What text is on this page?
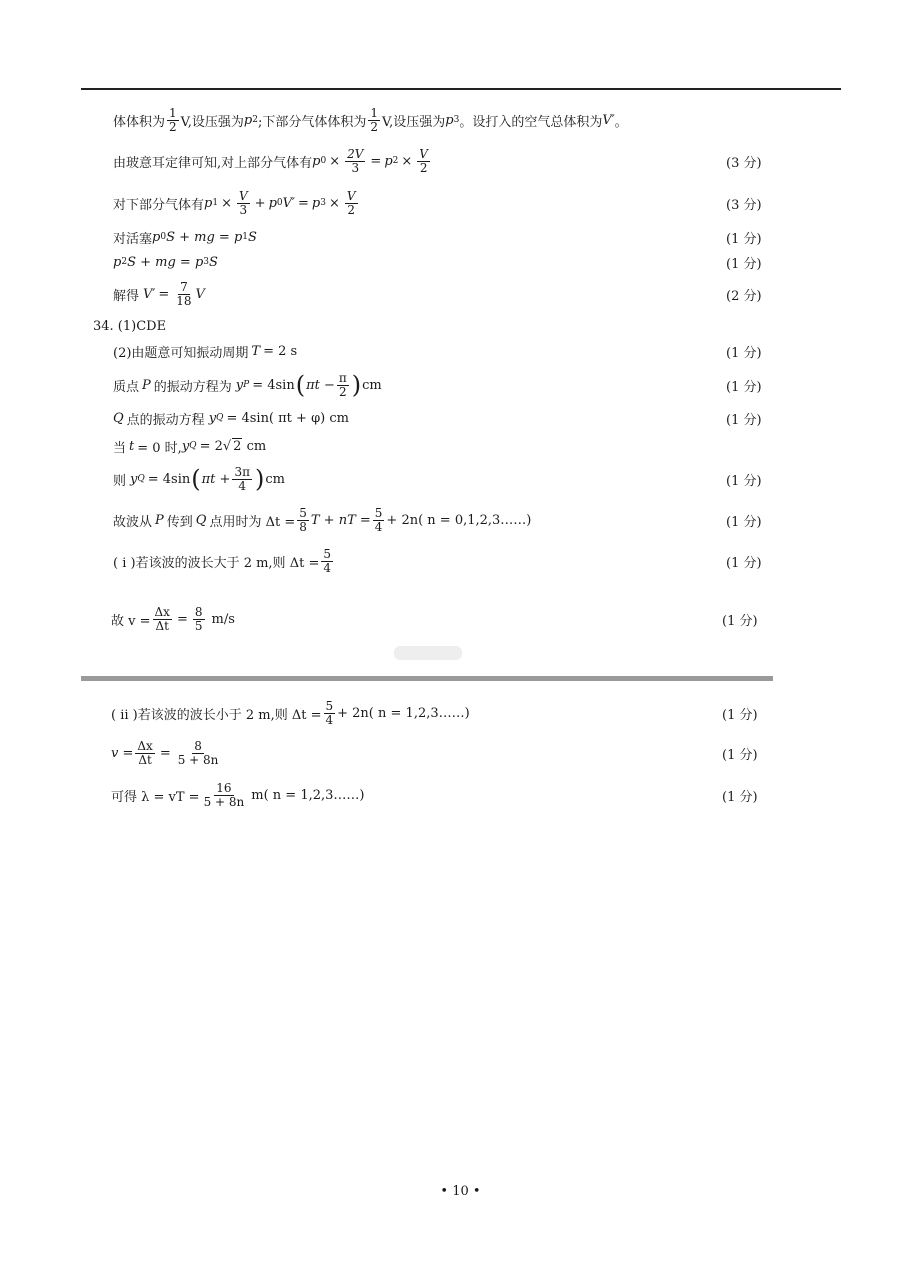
体体积为 $\frac{1}{2} V$,设压强为 p 2 ;下部分气体体积为 $\frac{1}{2} V$,设压强为 p 3 。设打入的空气总体积为 V′ 。
由玻意耳定律可知,对上部分气体有 p $0 \times \frac{2V}{3} = p$ $2 \times \frac{V}{2}$	(3 分)
对下部分气体有 p $1 \times \frac{V}{3} + p$ 0 V′ = p $3 \times \frac{V}{2}$	(3 分)
对活塞 p 0 S + mg = p 1 S	(1 分)
p 2 S + mg = p 3 S	(1 分)
解得 $V' = \frac{7}{18}$ V	(2 分)
34. (1)CDE
(2)由题意可知振动周期 T = 2 s	(1 分)
质点 P 的振动方程为 y P = 4sin ( $\pi t - \frac{\pi}{2}$ ) cm	(1 分)
Q 点的振动方程 y Q = 4sin( πt + φ) cm	(1 分)
当 t = 0 时, y Q = 2 √ 2 cm
则 y Q = 4sin ( $\pi t + \frac{3\pi}{4}$ ) cm	(1 分)
故波从 P 传到 Q 点用时为 $\Delta t = \frac{5}{8}$ T + nT = $\frac{5}{4} + 2n$( n = 0,1,2,3……)	(1 分)
( ⅰ )若该波的波长大于 2 m,则 $\Delta t = \frac{5}{4}$	(1 分)
故 $v = \frac{\Delta x}{\Delta t} = \frac{8}{5} m/s$	(1 分)
( ⅱ )若该波的波长小于 2 m,则 $\Delta t = \frac{5}{4} + 2n$( n = 1,2,3……)	(1 分)
$v = \frac{\Delta x}{\Delta t} = \frac{8}{5 + 8n}$	(1 分)
可得 λ = vT = $\frac{16}{5 + 8n} m$( n = 1,2,3……)	(1 分)
• 10 •
